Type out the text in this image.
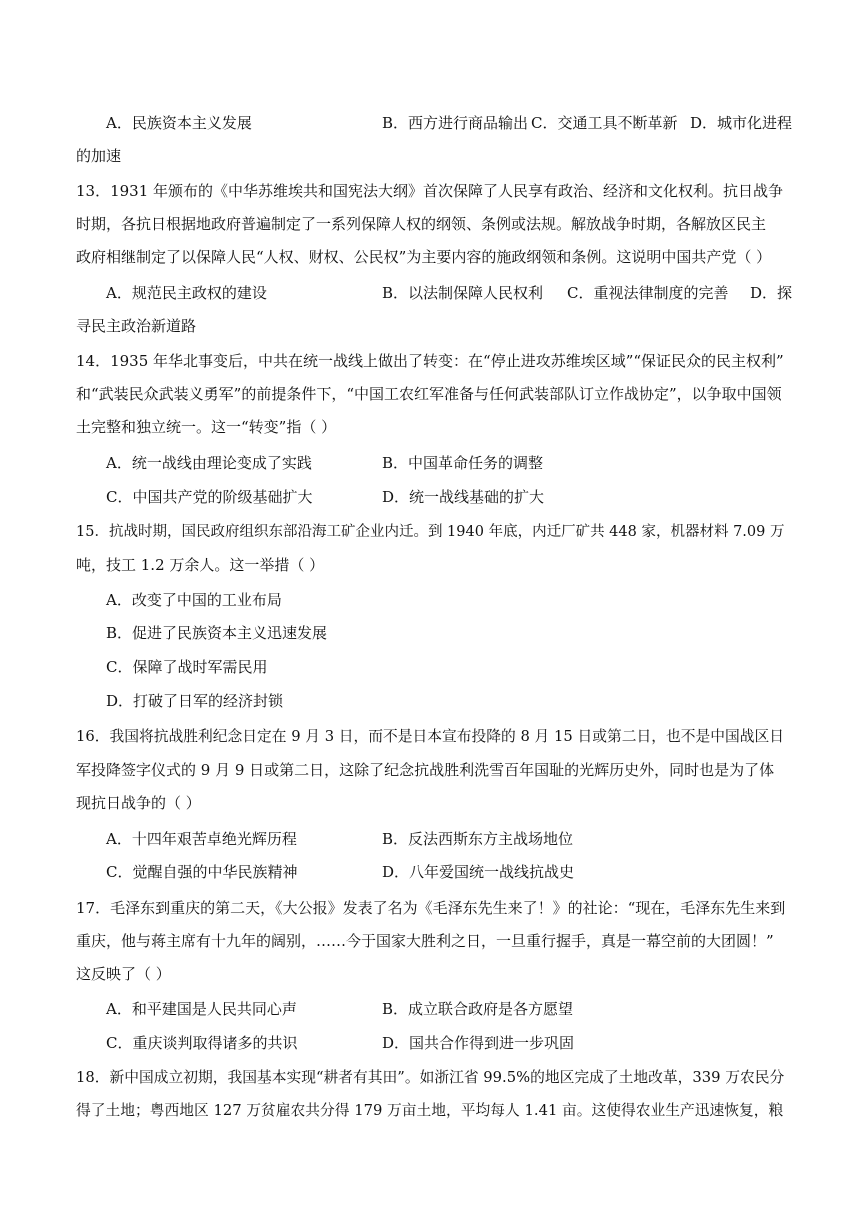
A．民族资本主义发展	B．西方进行商品输出 C．交通工具不断革新 D．城市化进程
的加速
13．1931 年颁布的《中华苏维埃共和国宪法大纲》首次保障了人民享有政治、经济和文化权利。抗日战争
时期，各抗日根据地政府普遍制定了一系列保障人权的纲领、条例或法规。解放战争时期，各解放区民主
政府相继制定了以保障人民“人权、财权、公民权”为主要内容的施政纲领和条例。这说明中国共产党（ ）
A．规范民主政权的建设	B．以法制保障人民权利 C．重视法律制度的完善 D．探
寻民主政治新道路
14．1935 年华北事变后，中共在统一战线上做出了转变：在“停止进攻苏维埃区域”“保证民众的民主权利”
和“武装民众武装义勇军”的前提条件下，“中国工农红军准备与任何武装部队订立作战协定”，以争取中国领
土完整和独立统一。这一“转变”指（ ）
A．统一战线由理论变成了实践	B．中国革命任务的调整
C．中国共产党的阶级基础扩大	D．统一战线基础的扩大
15．抗战时期，国民政府组织东部沿海工矿企业内迁。到 1940 年底，内迁厂矿共 448 家，机器材料 7.09 万
吨，技工 1.2 万余人。这一举措（ ）
A．改变了中国的工业布局
B．促进了民族资本主义迅速发展
C．保障了战时军需民用
D．打破了日军的经济封锁
16．我国将抗战胜利纪念日定在 9 月 3 日，而不是日本宣布投降的 8 月 15 日或第二日，也不是中国战区日
军投降签字仪式的 9 月 9 日或第二日，这除了纪念抗战胜利洗雪百年国耻的光辉历史外，同时也是为了体
现抗日战争的（ ）
A．十四年艰苦卓绝光辉历程	B．反法西斯东方主战场地位
C．觉醒自强的中华民族精神	D．八年爱国统一战线抗战史
17．毛泽东到重庆的第二天，《大公报》发表了名为《毛泽东先生来了！》的社论：“现在，毛泽东先生来到
重庆，他与蒋主席有十九年的阔别，……今于国家大胜利之日，一旦重行握手，真是一幕空前的大团圆！”
这反映了（ ）
A．和平建国是人民共同心声	B．成立联合政府是各方愿望
C．重庆谈判取得诸多的共识	D．国共合作得到进一步巩固
18．新中国成立初期，我国基本实现“耕者有其田”。如浙江省 99.5%的地区完成了土地改革，339 万农民分
得了土地；粤西地区 127 万贫雇农共分得 179 万亩土地，平均每人 1.41 亩。这使得农业生产迅速恢复，粮
